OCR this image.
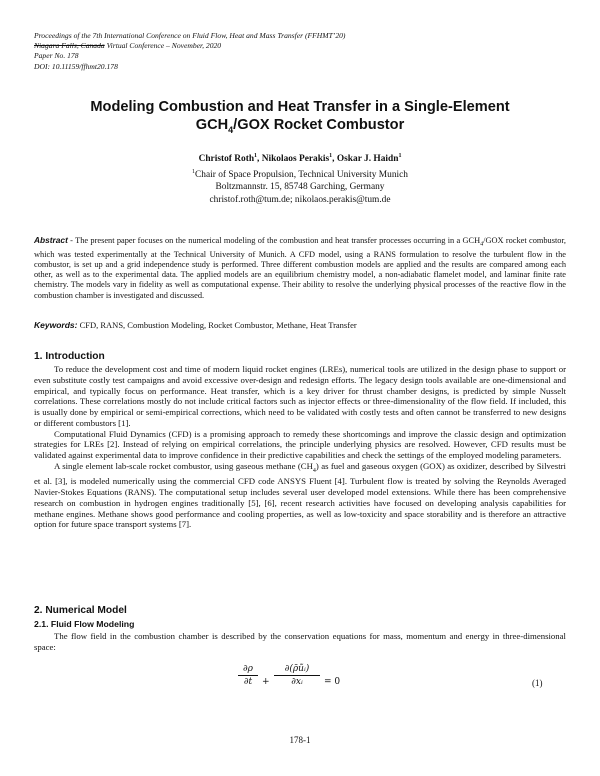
Proceedings of the 7th International Conference on Fluid Flow, Heat and Mass Transfer (FFHMT’20)
Niagara Falls, Canada Virtual Conference – November, 2020
Paper No. 178
DOI: 10.11159/ffhmt20.178
Modeling Combustion and Heat Transfer in a Single-Element
$GCH_4$/GOX Rocket Combustor
Christof Roth$^1$, Nikolaos Perakis$^1$, Oskar J. Haidn$^1$
$^1$Chair of Space Propulsion, Technical University Munich
Boltzmannstr. 15, 85748 Garching, Germany
christof.roth@tum.de; nikolaos.perakis@tum.de
Abstract - The present paper focuses on the numerical modeling of the combustion and heat transfer processes occurring in a $GCH_4$/GOX rocket combustor, which was tested experimentally at the Technical University of Munich. A CFD model, using a RANS formulation to resolve the turbulent flow in the combustor, is set up and a grid independence study is performed. Three different combustion models are applied and the results are compared among each other, as well as to the experimental data. The applied models are an equilibrium chemistry model, a non-adiabatic flamelet model, and laminar finite rate chemistry. The models vary in fidelity as well as computational expense. Their ability to resolve the underlying physical processes of the reactive flow in the combustion chamber is investigated and discussed.
Keywords: CFD, RANS, Combustion Modeling, Rocket Combustor, Methane, Heat Transfer
1. Introduction

To reduce the development cost and time of modern liquid rocket engines (LREs), numerical tools are utilized in the design phase to support or even substitute costly test campaigns and avoid excessive over-design and redesign efforts. The legacy design tools available are one-dimensional and empirical, and typically focus on performance. Heat transfer, which is a key driver for thrust chamber designs, is predicted by simple Nusselt correlations. These correlations mostly do not include critical factors such as injector effects or three-dimensionality of the flow field. If included, this is usually done by empirical or semi-empirical corrections, which need to be validated with costly tests and often cannot be transferred to new designs or different combustors [1].

Computational Fluid Dynamics (CFD) is a promising approach to remedy these shortcomings and improve the classic design and optimization strategies for LREs [2]. Instead of relying on empirical correlations, the principle underlying physics are resolved. However, CFD results must be validated against experimental data to improve confidence in their predictive capabilities and check the settings of the employed modeling parameters.

A single element lab-scale rocket combustor, using gaseous methane $(CH_4)$ as fuel and gaseous oxygen (GOX) as oxidizer, described by Silvestri et al. [3], is modeled numerically using the commercial CFD code ANSYS Fluent [4]. Turbulent flow is treated by solving the Reynolds Averaged Navier-Stokes Equations (RANS). The computational setup includes several user developed model extensions. While there has been comprehensive research on combustion in hydrogen engines traditionally [5], [6], recent research activities have focused on developing analysis capabilities for methane engines. Methane shows good performance and cooling properties, as well as low-toxicity and space storability and is therefore an attractive option for future space transport systems [7].

2. Numerical Model
2.1. Fluid Flow Modeling

The flow field in the combustion chamber is described by the conservation equations for mass, momentum and energy in three-dimensional space:

$\frac{\partial\rho}{\partial t} + \frac{\text{∂(ρ̄ũᵢ)}}{\text{∂xᵢ}} = 0$	(1)
178-1
